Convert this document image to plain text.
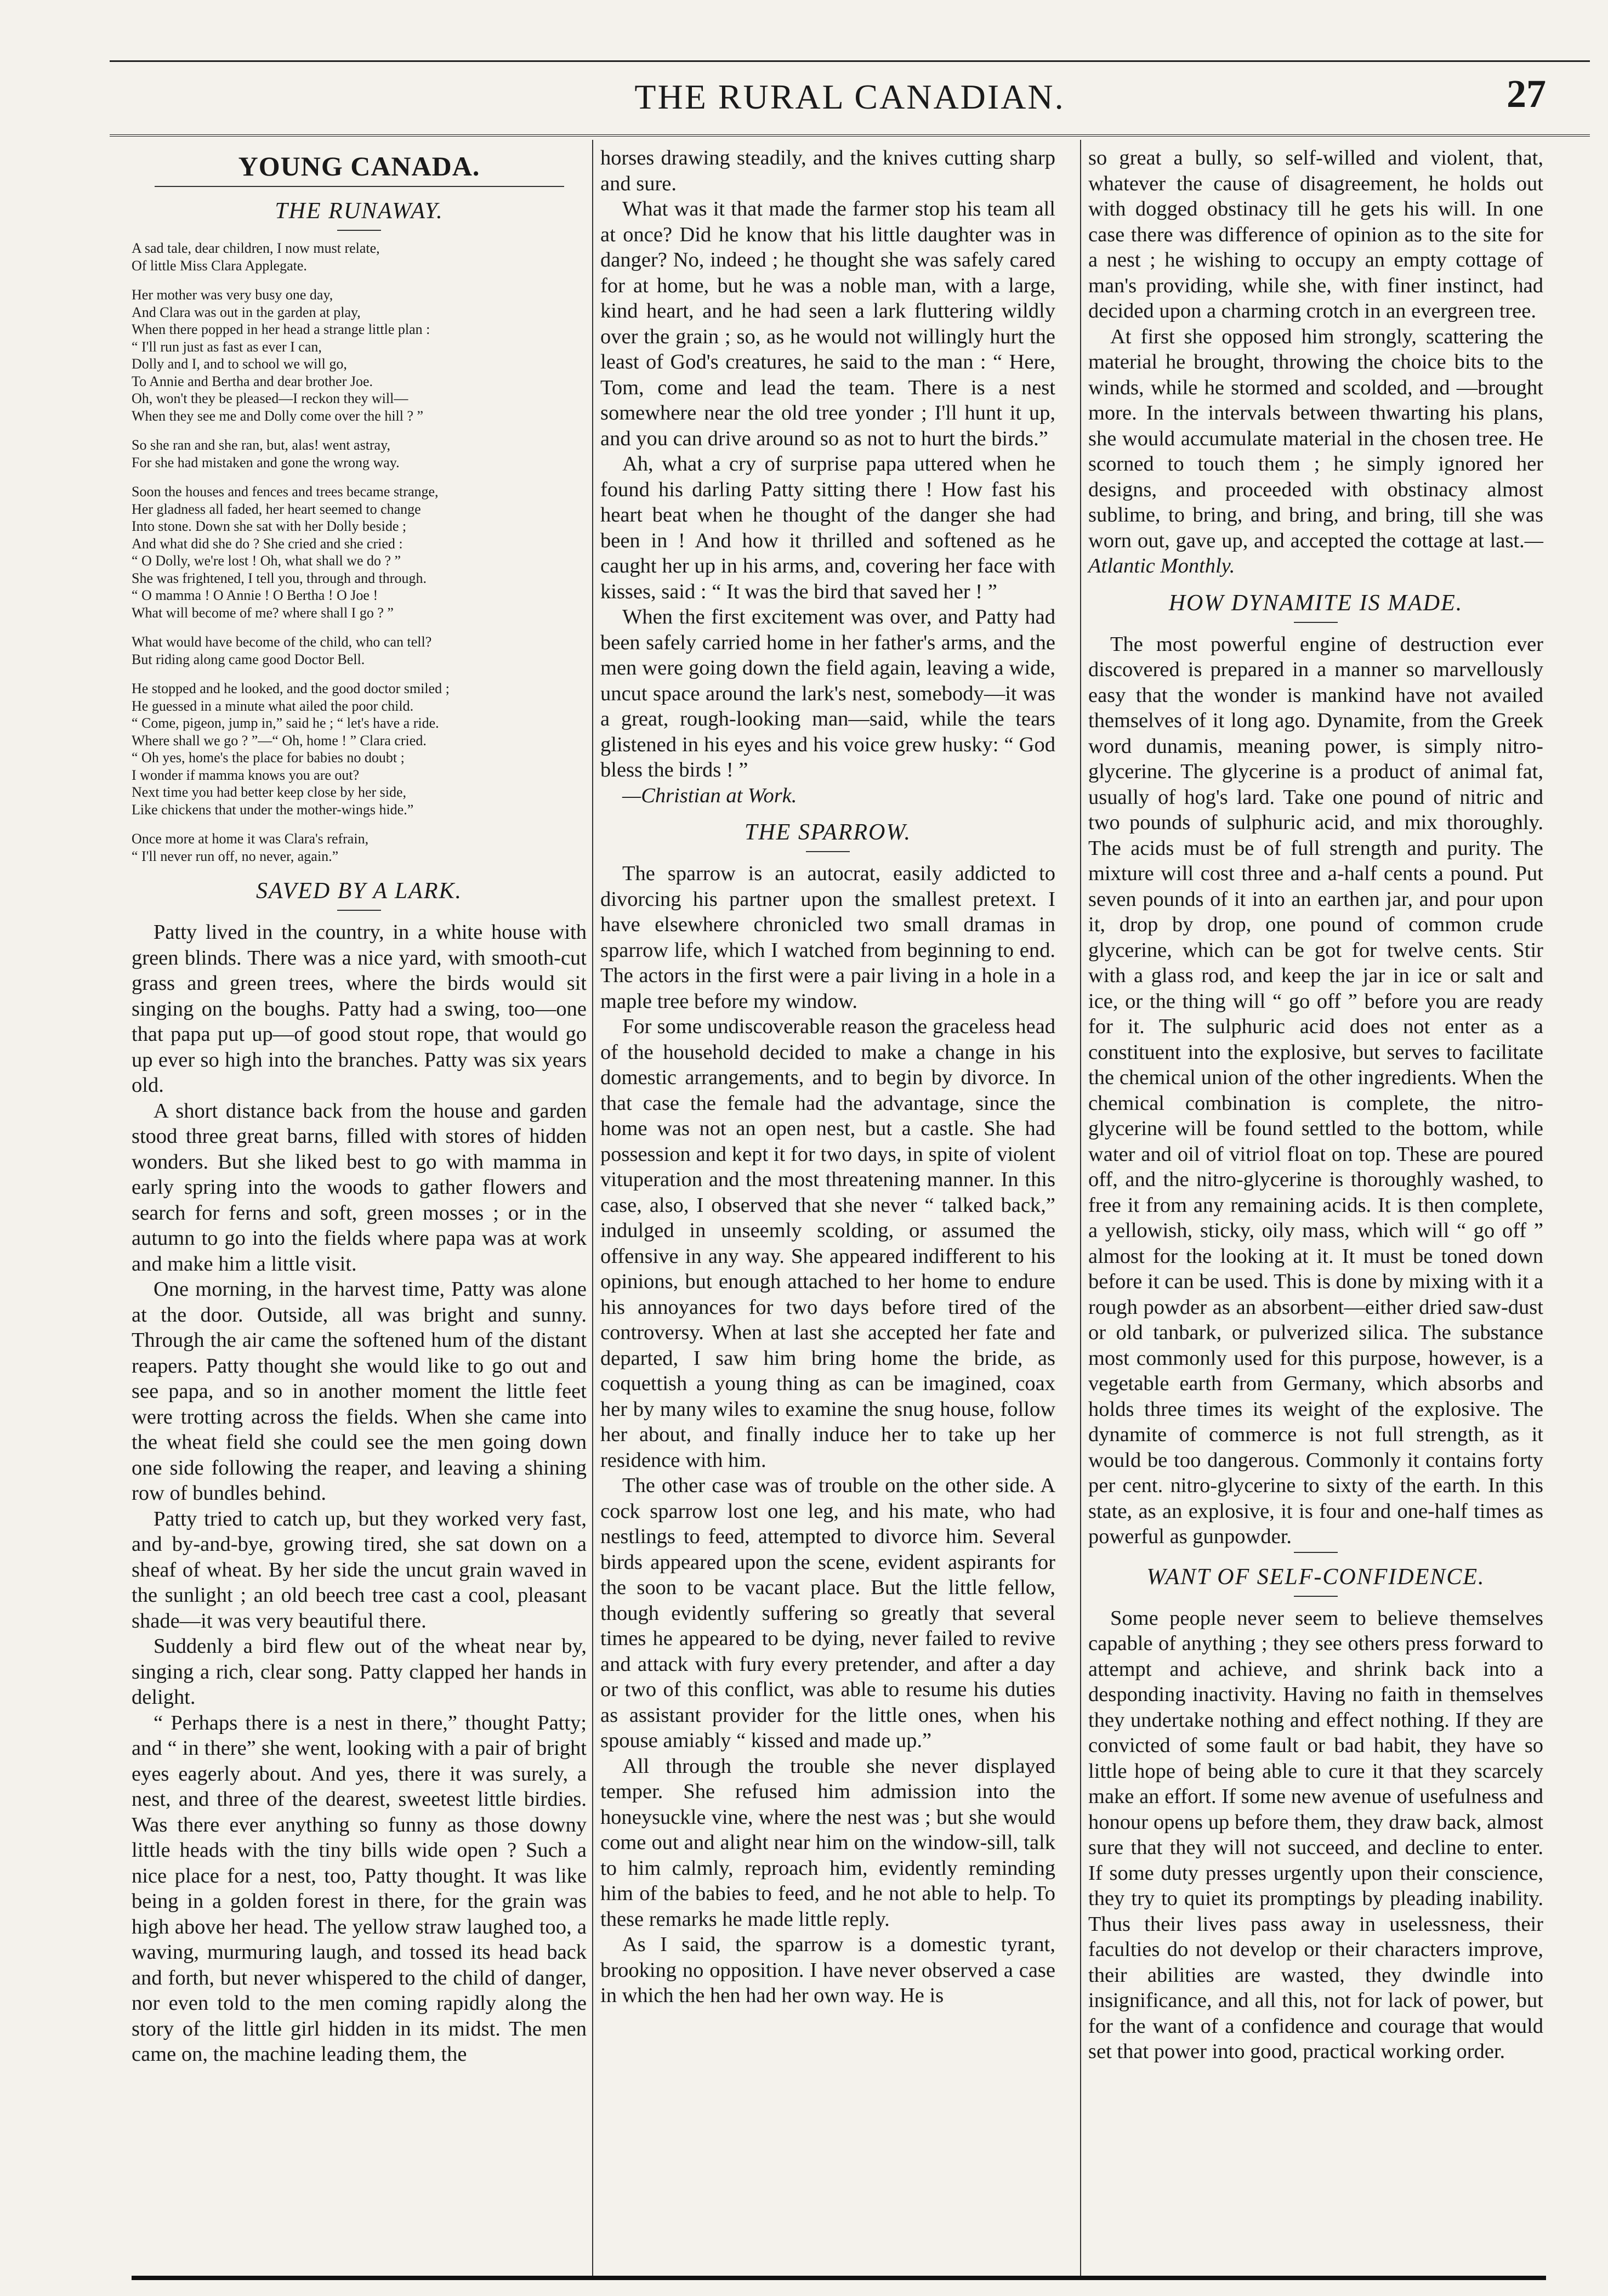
THE RURAL CANADIAN.	27
YOUNG CANADA.
THE RUNAWAY.
A sad tale, dear children, I now must relate,
Of little Miss Clara Applegate.
Her mother was very busy one day,
And Clara was out in the garden at play,
When there popped in her head a strange little plan :
“ I'll run just as fast as ever I can,
Dolly and I, and to school we will go,
To Annie and Bertha and dear brother Joe.
Oh, won't they be pleased—I reckon they will—
When they see me and Dolly come over the hill ? ”
So she ran and she ran, but, alas! went astray,
For she had mistaken and gone the wrong way.
Soon the houses and fences and trees became strange,
Her gladness all faded, her heart seemed to change
Into stone. Down she sat with her Dolly beside ;
And what did she do ? She cried and she cried :
“ O Dolly, we're lost ! Oh, what shall we do ? ”
She was frightened, I tell you, through and through.
“ O mamma ! O Annie ! O Bertha ! O Joe !
What will become of me? where shall I go ? ”
What would have become of the child, who can tell?
But riding along came good Doctor Bell.
He stopped and he looked, and the good doctor smiled ;
He guessed in a minute what ailed the poor child.
“ Come, pigeon, jump in,” said he ; “ let's have a ride.
Where shall we go ? ”—“ Oh, home ! ” Clara cried.
“ Oh yes, home's the place for babies no doubt ;
I wonder if mamma knows you are out?
Next time you had better keep close by her side,
Like chickens that under the mother-wings hide.”
Once more at home it was Clara's refrain,
“ I'll never run off, no never, again.”
SAVED BY A LARK.

Patty lived in the country, in a white house with green blinds. There was a nice yard, with smooth-cut grass and green trees, where the birds would sit singing on the boughs. Patty had a swing, too—one that papa put up—of good stout rope, that would go up ever so high into the branches. Patty was six years old.

A short distance back from the house and garden stood three great barns, filled with stores of hidden wonders. But she liked best to go with mamma in early spring into the woods to gather flowers and search for ferns and soft, green mosses ; or in the autumn to go into the fields where papa was at work and make him a little visit.

One morning, in the harvest time, Patty was alone at the door. Outside, all was bright and sunny. Through the air came the softened hum of the distant reapers. Patty thought she would like to go out and see papa, and so in another moment the little feet were trotting across the fields. When she came into the wheat field she could see the men going down one side following the reaper, and leaving a shining row of bundles behind.

Patty tried to catch up, but they worked very fast, and by-and-bye, growing tired, she sat down on a sheaf of wheat. By her side the uncut grain waved in the sunlight ; an old beech tree cast a cool, pleasant shade—it was very beautiful there.

Suddenly a bird flew out of the wheat near by, singing a rich, clear song. Patty clapped her hands in delight.

“ Perhaps there is a nest in there,” thought Patty; and “ in there” she went, looking with a pair of bright eyes eagerly about. And yes, there it was surely, a nest, and three of the dearest, sweetest little birdies. Was there ever anything so funny as those downy little heads with the tiny bills wide open ? Such a nice place for a nest, too, Patty thought. It was like being in a golden forest in there, for the grain was high above her head. The yellow straw laughed too, a waving, murmuring laugh, and tossed its head back and forth, but never whispered to the child of danger, nor even told to the men coming rapidly along the story of the little girl hidden in its midst. The men came on, the machine leading them, the

horses drawing steadily, and the knives cutting sharp and sure.

What was it that made the farmer stop his team all at once? Did he know that his little daughter was in danger? No, indeed ; he thought she was safely cared for at home, but he was a noble man, with a large, kind heart, and he had seen a lark fluttering wildly over the grain ; so, as he would not willingly hurt the least of God's creatures, he said to the man : “ Here, Tom, come and lead the team. There is a nest somewhere near the old tree yonder ; I'll hunt it up, and you can drive around so as not to hurt the birds.”

Ah, what a cry of surprise papa uttered when he found his darling Patty sitting there ! How fast his heart beat when he thought of the danger she had been in ! And how it thrilled and softened as he caught her up in his arms, and, covering her face with kisses, said : “ It was the bird that saved her ! ”

When the first excitement was over, and Patty had been safely carried home in her father's arms, and the men were going down the field again, leaving a wide, uncut space around the lark's nest, somebody—it was a great, rough-looking man—said, while the tears glistened in his eyes and his voice grew husky: “ God bless the birds ! ”

—Christian at Work.

THE SPARROW.

The sparrow is an autocrat, easily addicted to divorcing his partner upon the smallest pretext. I have elsewhere chronicled two small dramas in sparrow life, which I watched from beginning to end. The actors in the first were a pair living in a hole in a maple tree before my window.

For some undiscoverable reason the graceless head of the household decided to make a change in his domestic arrangements, and to begin by divorce. In that case the female had the advantage, since the home was not an open nest, but a castle. She had possession and kept it for two days, in spite of violent vituperation and the most threatening manner. In this case, also, I observed that she never “ talked back,” indulged in unseemly scolding, or assumed the offensive in any way. She appeared indifferent to his opinions, but enough attached to her home to endure his annoyances for two days before tired of the controversy. When at last she accepted her fate and departed, I saw him bring home the bride, as coquettish a young thing as can be imagined, coax her by many wiles to examine the snug house, follow her about, and finally induce her to take up her residence with him.

The other case was of trouble on the other side. A cock sparrow lost one leg, and his mate, who had nestlings to feed, attempted to divorce him. Several birds appeared upon the scene, evident aspirants for the soon to be vacant place. But the little fellow, though evidently suffering so greatly that several times he appeared to be dying, never failed to revive and attack with fury every pretender, and after a day or two of this conflict, was able to resume his duties as assistant provider for the little ones, when his spouse amiably “ kissed and made up.”

All through the trouble she never displayed temper. She refused him admission into the honeysuckle vine, where the nest was ; but she would come out and alight near him on the window-sill, talk to him calmly, reproach him, evidently reminding him of the babies to feed, and he not able to help. To these remarks he made little reply.

As I said, the sparrow is a domestic tyrant, brooking no opposition. I have never observed a case in which the hen had her own way. He is

so great a bully, so self-willed and violent, that, whatever the cause of disagreement, he holds out with dogged obstinacy till he gets his will. In one case there was difference of opinion as to the site for a nest ; he wishing to occupy an empty cottage of man's providing, while she, with finer instinct, had decided upon a charming crotch in an evergreen tree.

At first she opposed him strongly, scattering the material he brought, throwing the choice bits to the winds, while he stormed and scolded, and —brought more. In the intervals between thwarting his plans, she would accumulate material in the chosen tree. He scorned to touch them ; he simply ignored her designs, and proceeded with obstinacy almost sublime, to bring, and bring, and bring, till she was worn out, gave up, and accepted the cottage at last.—Atlantic Monthly.

HOW DYNAMITE IS MADE.

The most powerful engine of destruction ever discovered is prepared in a manner so marvellously easy that the wonder is mankind have not availed themselves of it long ago. Dynamite, from the Greek word dunamis, meaning power, is simply nitro-glycerine. The glycerine is a product of animal fat, usually of hog's lard. Take one pound of nitric and two pounds of sulphuric acid, and mix thoroughly. The acids must be of full strength and purity. The mixture will cost three and a-half cents a pound. Put seven pounds of it into an earthen jar, and pour upon it, drop by drop, one pound of common crude glycerine, which can be got for twelve cents. Stir with a glass rod, and keep the jar in ice or salt and ice, or the thing will “ go off ” before you are ready for it. The sulphuric acid does not enter as a constituent into the explosive, but serves to facilitate the chemical union of the other ingredients. When the chemical combination is complete, the nitro-glycerine will be found settled to the bottom, while water and oil of vitriol float on top. These are poured off, and the nitro-glycerine is thoroughly washed, to free it from any remaining acids. It is then complete, a yellowish, sticky, oily mass, which will “ go off ” almost for the looking at it. It must be toned down before it can be used. This is done by mixing with it a rough powder as an absorbent—either dried saw-dust or old tanbark, or pulverized silica. The substance most commonly used for this purpose, however, is a vegetable earth from Germany, which absorbs and holds three times its weight of the explosive. The dynamite of commerce is not full strength, as it would be too dangerous. Commonly it contains forty per cent. nitro-glycerine to sixty of the earth. In this state, as an explosive, it is four and one-half times as powerful as gunpowder.

WANT OF SELF-CONFIDENCE.

Some people never seem to believe themselves capable of anything ; they see others press forward to attempt and achieve, and shrink back into a desponding inactivity. Having no faith in themselves they undertake nothing and effect nothing. If they are convicted of some fault or bad habit, they have so little hope of being able to cure it that they scarcely make an effort. If some new avenue of usefulness and honour opens up before them, they draw back, almost sure that they will not succeed, and decline to enter. If some duty presses urgently upon their conscience, they try to quiet its promptings by pleading inability. Thus their lives pass away in uselessness, their faculties do not develop or their characters improve, their abilities are wasted, they dwindle into insignificance, and all this, not for lack of power, but for the want of a confidence and courage that would set that power into good, practical working order.
